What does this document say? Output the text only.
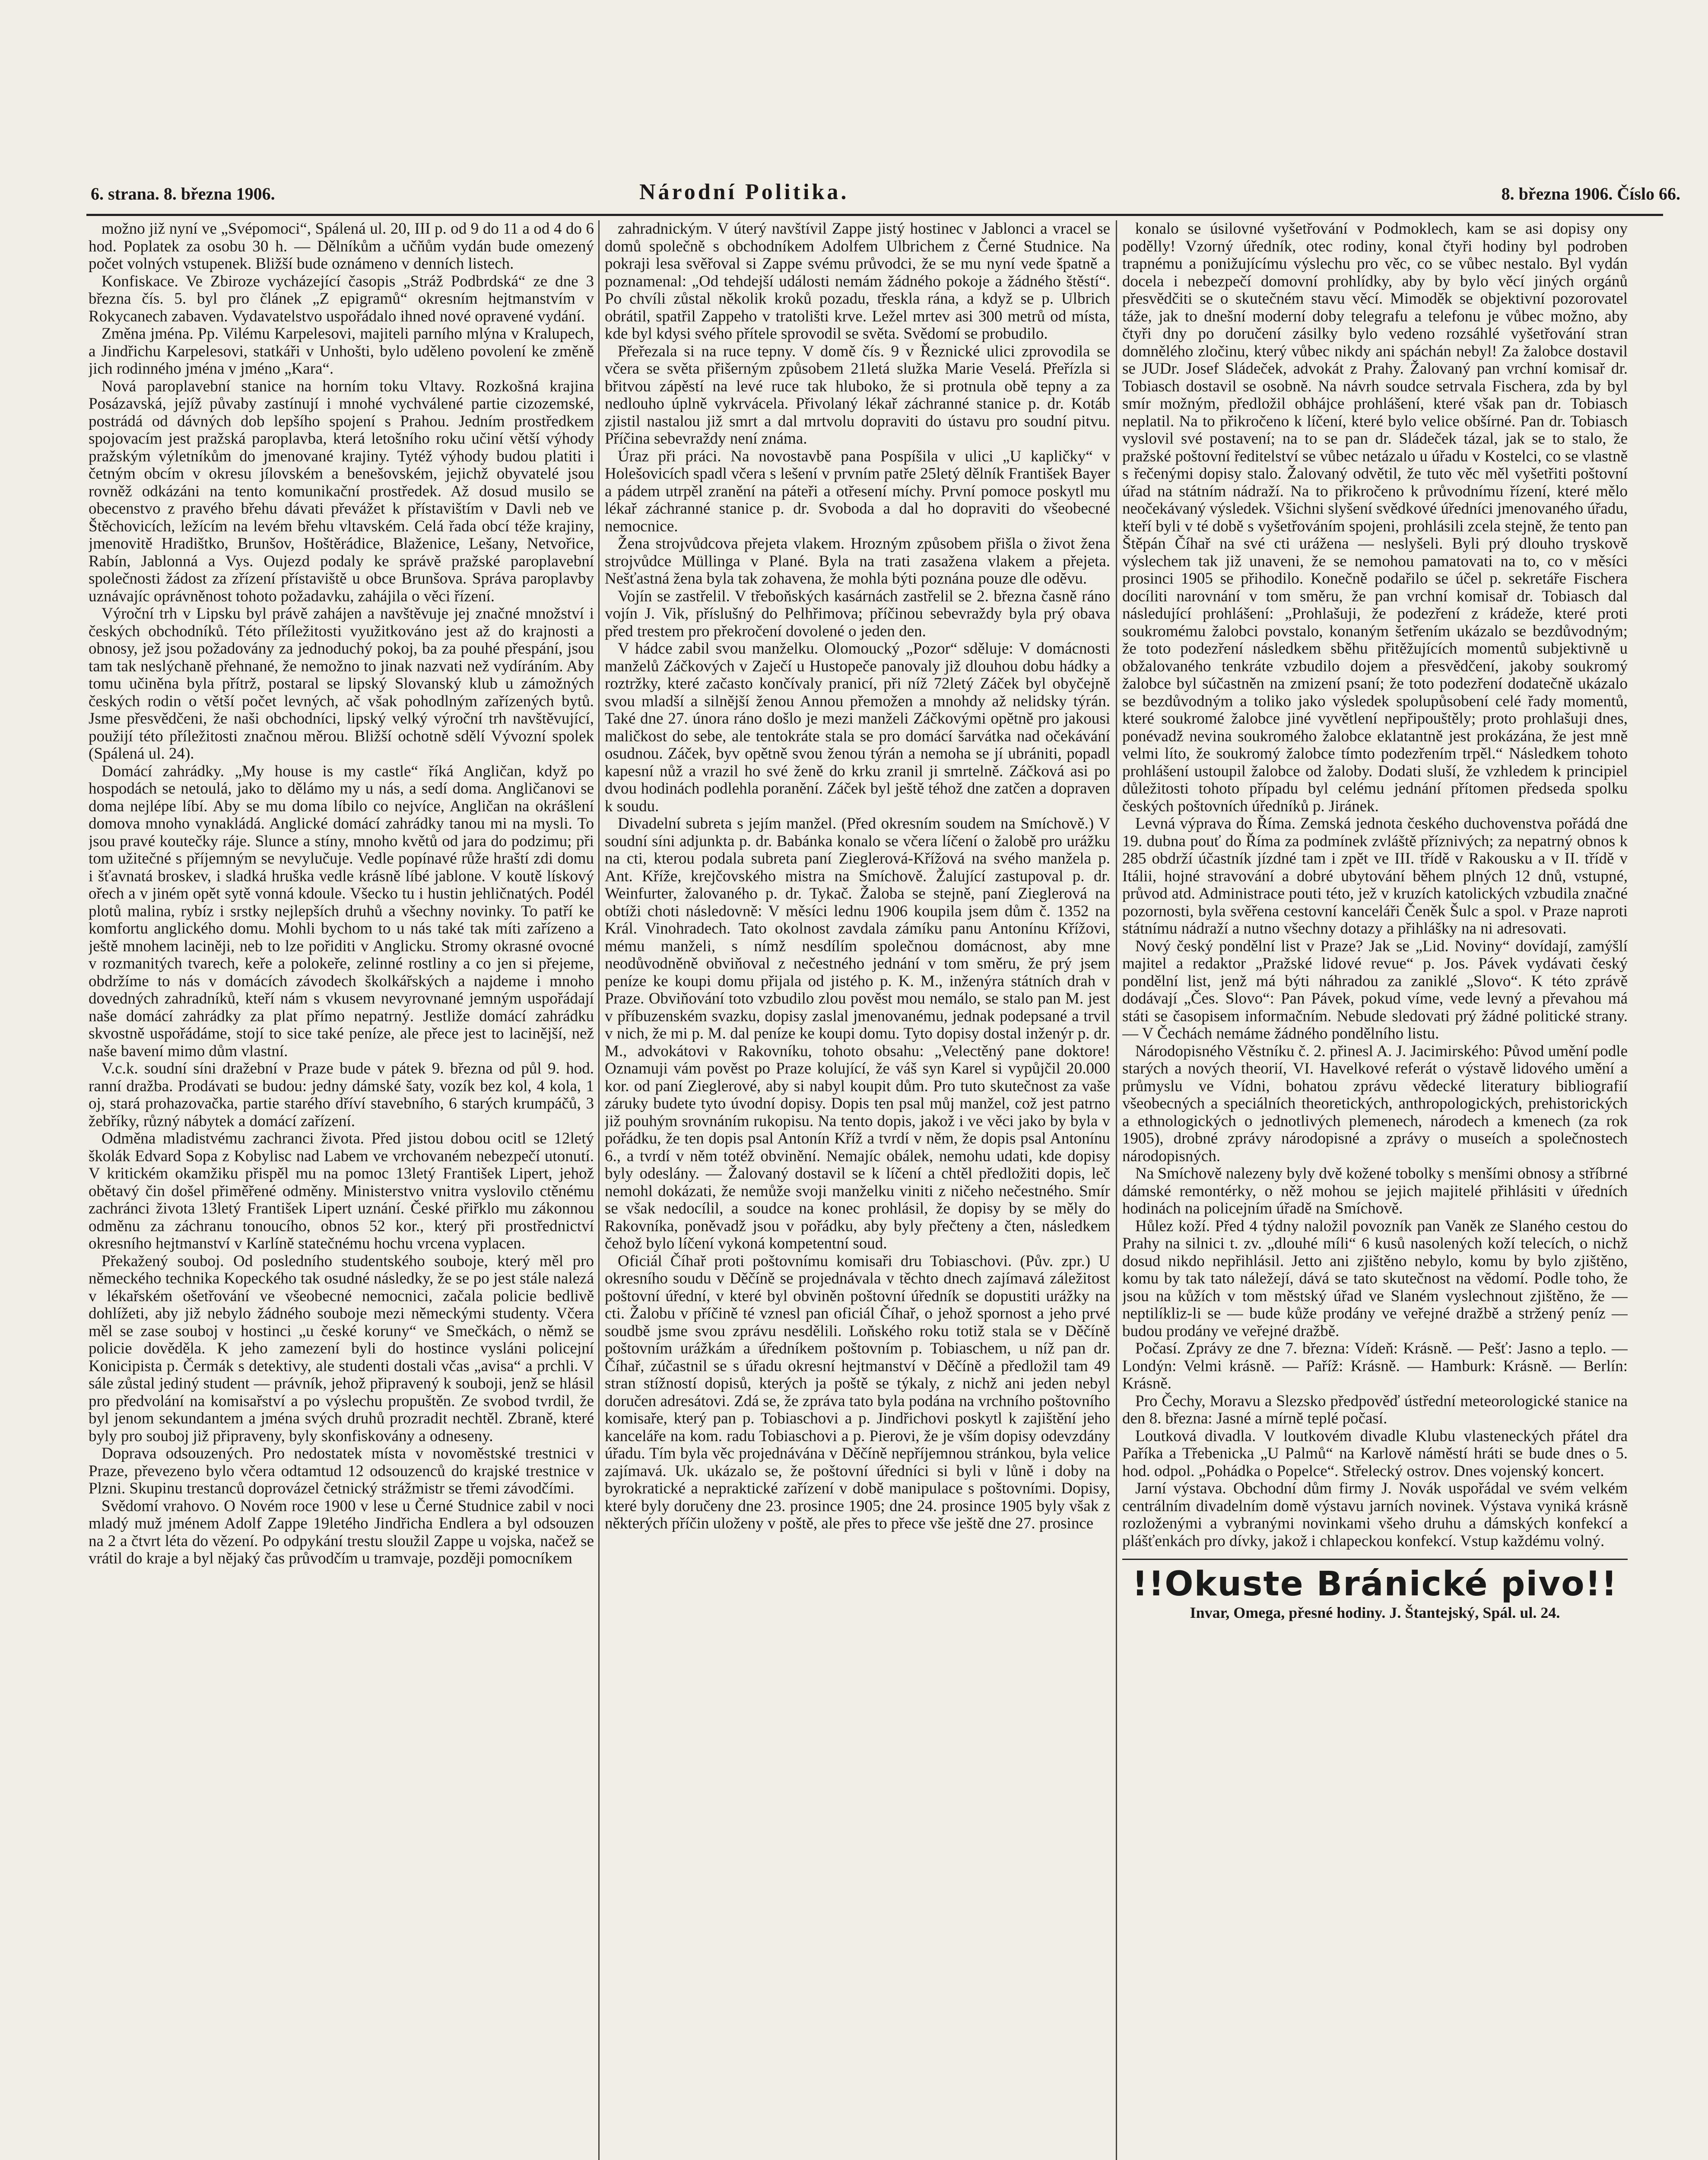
6. strana. 8. března 1906.	Národní Politika.	8. března 1906. Číslo 66.

možno již nyní ve „Svépomoci“, Spálená ul. 20, III p. od 9 do 11 a od 4 do 6 hod. Poplatek za osobu 30 h. — Dělníkům a učňům vydán bude omezený počet volných vstupenek. Bližší bude oznámeno v denních listech.

Konfiskace. Ve Zbiroze vycházející časopis „Stráž Podbrdská“ ze dne 3 března čís. 5. byl pro článek „Z epigramů“ okresním hejtmanstvím v Rokycanech zabaven. Vydavatelstvo uspořádalo ihned nové opravené vydání.

Změna jména. Pp. Vilému Karpelesovi, majiteli parního mlýna v Kralupech, a Jindřichu Karpelesovi, statkáři v Unhošti, bylo uděleno povolení ke změně jich rodinného jména v jméno „Kara“.

Nová paroplavební stanice na horním toku Vltavy. Rozkošná krajina Posázavská, jejíž půvaby zastínují i mnohé vychválené partie cizozemské, postrádá od dávných dob lepšího spojení s Prahou. Jedním prostředkem spojovacím jest pražská paroplavba, která letošního roku učiní větší výhody pražským výletníkům do jmenované krajiny. Tytéž výhody budou platiti i četným obcím v okresu jílovském a benešovském, jejichž obyvatelé jsou rovněž odkázáni na tento komunikační prostředek. Až dosud musilo se obecenstvo z pravého břehu dávati převážet k přístavištím v Davli neb ve Štěchovicích, ležícím na levém břehu vltavském. Celá řada obcí téže krajiny, jmenovitě Hradištko, Brunšov, Hoštěrádice, Blaženice, Lešany, Netvořice, Rabín, Jablonná a Vys. Oujezd podaly ke správě pražské paroplavební společnosti žádost za zřízení přístaviště u obce Brunšova. Správa paroplavby uznávajíc oprávněnost tohoto požadavku, zahájila o věci řízení.

Výroční trh v Lipsku byl právě zahájen a navštěvuje jej značné množství i českých obchodníků. Této příležitosti využitkováno jest až do krajnosti a obnosy, jež jsou požadovány za jednoduchý pokoj, ba za pouhé přespání, jsou tam tak neslýchaně přehnané, že nemožno to jinak nazvati než vydíráním. Aby tomu učiněna byla přítrž, postaral se lipský Slovanský klub u zámožných českých rodin o větší počet levných, ač však pohodlným zařízených bytů. Jsme přesvědčeni, že naši obchodníci, lipský velký výroční trh navštěvující, použijí této příležitosti značnou měrou. Bližší ochotně sdělí Vývozní spolek (Spálená ul. 24).

Domácí zahrádky. „My house is my castle“ říká Angličan, když po hospodách se netoulá, jako to dělámo my u nás, a sedí doma. Angličanovi se doma nejlépe líbí. Aby se mu doma líbilo co nejvíce, Angličan na okrášlení domova mnoho vynakládá. Anglické domácí zahrádky tanou mi na mysli. To jsou pravé koutečky ráje. Slunce a stíny, mnoho květů od jara do podzimu; při tom užitečné s příjemným se nevylučuje. Vedle popínavé růže hraští zdi domu i šťavnatá broskev, i sladká hruška vedle krásně líbé jablone. V koutě lískový ořech a v jiném opět sytě vonná kdoule. Všecko tu i hustin jehličnatých. Podél plotů malina, rybíz i srstky nejlepších druhů a všechny novinky. To patří ke komfortu anglického domu. Mohli bychom to u nás také tak míti zařízeno a ještě mnohem laciněji, neb to lze pořiditi v Anglicku. Stromy okrasné ovocné v rozmanitých tvarech, keře a polokeře, zelinné rostliny a co jen si přejeme, obdržíme to nás v domácích závodech školkářských a najdeme i mnoho dovedných zahradníků, kteří nám s vkusem nevyrovnané jemným uspořádají naše domácí zahrádky za plat přímo nepatrný. Jestliže domácí zahrádku skvostně uspořádáme, stojí to sice také peníze, ale přece jest to lacinější, než naše bavení mimo dům vlastní.

V.c.k. soudní síni dražební v Praze bude v pátek 9. března od půl 9. hod. ranní dražba. Prodávati se budou: jedny dámské šaty, vozík bez kol, 4 kola, 1 oj, stará prohazovačka, partie starého dříví stavebního, 6 starých krumpáčů, 3 žebříky, různý nábytek a domácí zařízení.

Odměna mladistvému zachranci života. Před jistou dobou ocitl se 12letý školák Edvard Sopa z Kobylisc nad Labem ve vrchovaném nebezpečí utonutí. V kritickém okamžiku přispěl mu na pomoc 13letý František Lipert, jehož obětavý čin došel přiměřené odměny. Ministerstvo vnitra vyslovilo ctěnému zachránci života 13letý František Lipert uznání. České přiřklo mu zákonnou odměnu za záchranu tonoucího, obnos 52 kor., který při prostřednictví okresního hejtmanství v Karlíně statečnému hochu vrcena vyplacen.

Překažený souboj. Od posledního studentského souboje, který měl pro německého technika Kopeckého tak osudné následky, že se po jest stále nalezá v lékařském ošetřování ve všeobecné nemocnici, začala policie bedlivě dohlížeti, aby již nebylo žádného souboje mezi německými studenty. Včera měl se zase souboj v hostinci „u české koruny“ ve Smečkách, o němž se policie dověděla. K jeho zamezení byli do hostince vysláni policejní Konicipista p. Čermák s detektivy, ale studenti dostali včas „avisa“ a prchli. V sále zůstal jediný student — právník, jehož připravený k souboji, jenž se hlásil pro předvolání na komisařství a po výslechu propuštěn. Ze svobod tvrdil, že byl jenom sekundantem a jména svých druhů prozradit nechtěl. Zbraně, které byly pro souboj již připraveny, byly skonfiskovány a odneseny.

Doprava odsouzených. Pro nedostatek místa v novoměstské trestnici v Praze, převezeno bylo včera odtamtud 12 odsouzenců do krajské trestnice v Plzni. Skupinu trestanců doprovázel četnický strážmistr se třemi závodčími.

Svědomí vrahovo. O Novém roce 1900 v lese u Černé Studnice zabil v noci mladý muž jménem Adolf Zappe 19letého Jindřicha Endlera a byl odsouzen na 2 a čtvrt léta do vězení. Po odpykání trestu sloužil Zappe u vojska, načež se vrátil do kraje a byl nějaký čas průvodčím u tramvaje, později pomocníkem

zahradnickým. V úterý navštívil Zappe jistý hostinec v Jablonci a vracel se domů společně s obchodníkem Adolfem Ulbrichem z Černé Studnice. Na pokraji lesa svěřoval si Zappe svému průvodci, že se mu nyní vede špatně a poznamenal: „Od tehdejší události nemám žádného pokoje a žádného štěstí“. Po chvíli zůstal několik kroků pozadu, třeskla rána, a když se p. Ulbrich obrátil, spatřil Zappeho v tratolišti krve. Ležel mrtev asi 300 metrů od místa, kde byl kdysi svého přítele sprovodil se světa. Svědomí se probudilo.

Přeřezala si na ruce tepny. V domě čís. 9 v Řeznické ulici zprovodila se včera se světa přišerným způsobem 21letá služka Marie Veselá. Přeřízla si břitvou zápěstí na levé ruce tak hluboko, že si protnula obě tepny a za nedlouho úplně vykrvácela. Přivolaný lékař záchranné stanice p. dr. Kotáb zjistil nastalou již smrt a dal mrtvolu dopraviti do ústavu pro soudní pitvu. Příčina sebevraždy není známa.

Úraz při práci. Na novostavbě pana Pospíšila v ulici „U kapličky“ v Holešovicích spadl včera s lešení v prvním patře 25letý dělník František Bayer a pádem utrpěl zranění na páteři a otřesení míchy. První pomoce poskytl mu lékař záchranné stanice p. dr. Svoboda a dal ho dopraviti do všeobecné nemocnice.

Žena strojvůdcova přejeta vlakem. Hrozným způsobem přišla o život žena strojvůdce Müllinga v Plané. Byla na trati zasažena vlakem a přejeta. Nešťastná žena byla tak zohavena, že mohla býti poznána pouze dle oděvu.

Vojín se zastřelil. V třeboňských kasárnách zastřelil se 2. března časně ráno vojín J. Vik, příslušný do Pelhřimova; příčinou sebevraždy byla prý obava před trestem pro překročení dovolené o jeden den.

V hádce zabil svou manželku. Olomoucký „Pozor“ sděluje: V domácnosti manželů Záčkových v Zaječí u Hustopeče panovaly již dlouhou dobu hádky a roztržky, které začasto končívaly pranicí, při níž 72letý Záček byl obyčejně svou mladší a silnější ženou Annou přemožen a mnohdy až nelidsky týrán. Také dne 27. února ráno došlo je mezi manželi Záčkovými opětně pro jakousi maličkost do sebe, ale tentokráte stala se pro domácí šarvátka nad očekávání osudnou. Záček, byv opětně svou ženou týrán a nemoha se jí ubrániti, popadl kapesní nůž a vrazil ho své ženě do krku zranil ji smrtelně. Záčková asi po dvou hodinách podlehla poranění. Záček byl ještě téhož dne zatčen a dopraven k soudu.

Divadelní subreta s jejím manžel. (Před okresním soudem na Smíchově.) V soudní síni adjunkta p. dr. Babánka konalo se včera líčení o žalobě pro urážku na cti, kterou podala subreta paní Zieglerová-Křížová na svého manžela p. Ant. Kříže, krejčovského mistra na Smíchově. Žalující zastupoval p. dr. Weinfurter, žalovaného p. dr. Tykač. Žaloba se stejně, paní Zieglerová na obtíži choti následovně: V měsíci lednu 1906 koupila jsem dům č. 1352 na Král. Vinohradech. Tato okolnost zavdala zámíku panu Antonínu Křížovi, mému manželi, s nímž nesdílím společnou domácnost, aby mne neodůvodněně obviňoval z nečestného jednání v tom směru, že prý jsem peníze ke koupi domu přijala od jistého p. K. M., inženýra státních drah v Praze. Obviňování toto vzbudilo zlou pověst mou nemálo, se stalo pan M. jest v příbuzenském svazku, dopisy zaslal jmenovanému, jednak podepsané a trvil v nich, že mi p. M. dal peníze ke koupi domu. Tyto dopisy dostal inženýr p. dr. M., advokátovi v Rakovníku, tohoto obsahu: „Velectěný pane doktore! Oznamuji vám pověst po Praze kolující, že váš syn Karel si vypůjčil 20.000 kor. od paní Zieglerové, aby si nabyl koupit dům. Pro tuto skutečnost za vaše záruky budete tyto úvodní dopisy. Dopis ten psal můj manžel, což jest patrno již pouhým srovnáním rukopisu. Na tento dopis, jakož i ve věci jako by byla v pořádku, že ten dopis psal Antonín Kříž a tvrdí v něm, že dopis psal Antonínu 6., a tvrdí v něm totéž obvinění. Nemajíc obálek, nemohu udati, kde dopisy byly odeslány. — Žalovaný dostavil se k líčení a chtěl předložiti dopis, leč nemohl dokázati, že nemůže svoji manželku viniti z ničeho nečestného. Smír se však nedocílil, a soudce na konec prohlásil, že dopisy by se měly do Rakovníka, poněvadž jsou v pořádku, aby byly přečteny a čten, následkem čehož bylo líčení vykoná kompetentní soud.

Oficiál Číhař proti poštovnímu komisaři dru Tobiaschovi. (Pův. zpr.) U okresního soudu v Děčíně se projednávala v těchto dnech zajímavá záležitost poštovní úřední, v které byl obviněn poštovní úředník se dopustiti urážky na cti. Žalobu v příčině té vznesl pan oficiál Číhař, o jehož spornost a jeho prvé soudbě jsme svou zprávu nesdělili. Loňského roku totiž stala se v Děčíně poštovním urážkám a úředníkem poštovním p. Tobiaschem, u níž pan dr. Číhař, zúčastnil se s úřadu okresní hejtmanství v Děčíně a předložil tam 49 stran stížností dopisů, kterých ja poště se týkaly, z nichž ani jeden nebyl doručen adresátovi. Zdá se, že zpráva tato byla podána na vrchního poštovního komisaře, který pan p. Tobiaschovi a p. Jindřichovi poskytl k zajištění jeho kanceláře na kom. radu Tobiaschovi a p. Pierovi, že je vším dopisy odevzdány úřadu. Tím byla věc projednávána v Děčíně nepříjemnou stránkou, byla velice zajímavá. Uk. ukázalo se, že poštovní úředníci si byli v lůně i doby na byrokratické a nepraktické zařízení v době manipulace s poštovními. Dopisy, které byly doručeny dne 23. prosince 1905; dne 24. prosince 1905 byly však z některých příčin uloženy v poště, ale přes to přece vše ještě dne 27. prosince

konalo se úsilovné vyšetřování v Podmoklech, kam se asi dopisy ony podělly! Vzorný úředník, otec rodiny, konal čtyři hodiny byl podroben trapnému a ponižujícímu výslechu pro věc, co se vůbec nestalo. Byl vydán docela i nebezpečí domovní prohlídky, aby by bylo věcí jiných orgánů přesvědčiti se o skutečném stavu věcí. Mimoděk se objektivní pozorovatel táže, jak to dnešní moderní doby telegrafu a telefonu je vůbec možno, aby čtyři dny po doručení zásilky bylo vedeno rozsáhlé vyšetřování stran domnělého zločinu, který vůbec nikdy ani spáchán nebyl! Za žalobce dostavil se JUDr. Josef Sládeček, advokát z Prahy. Žalovaný pan vrchní komisař dr. Tobiasch dostavil se osobně. Na návrh soudce setrvala Fischera, zda by byl smír možným, předložil obhájce prohlášení, které však pan dr. Tobiasch neplatil. Na to přikročeno k líčení, které bylo velice obšírné. Pan dr. Tobiasch vyslovil své postavení; na to se pan dr. Sládeček tázal, jak se to stalo, že pražské poštovní ředitelství se vůbec netázalo u úřadu v Kostelci, co se vlastně s řečenými dopisy stalo. Žalovaný odvětil, že tuto věc měl vyšetřiti poštovní úřad na státním nádraží. Na to přikročeno k průvodnímu řízení, které mělo neočekávaný výsledek. Všichni slyšení svědkové úředníci jmenovaného úřadu, kteří byli v té době s vyšetřováním spojeni, prohlásili zcela stejně, že tento pan Štěpán Číhař na své cti urážena — neslyšeli. Byli prý dlouho tryskově výslechem tak již unaveni, že se nemohou pamatovati na to, co v měsíci prosinci 1905 se přihodilo. Konečně podařilo se účel p. sekretáře Fischera docíliti narovnání v tom směru, že pan vrchní komisař dr. Tobiasch dal následující prohlášení: „Prohlašuji, že podezření z krádeže, které proti soukromému žalobci povstalo, konaným šetřením ukázalo se bezdůvodným; že toto podezření následkem sběhu přitěžujících momentů subjektivně u obžalovaného tenkráte vzbudilo dojem a přesvědčení, jakoby soukromý žalobce byl súčastněn na zmizení psaní; že toto podezření dodatečně ukázalo se bezdůvodným a toliko jako výsledek spolupůsobení celé řady momentů, které soukromé žalobce jiné vyvětlení nepřipouštěly; proto prohlašuji dnes, ponévadž nevina soukromého žalobce eklatantně jest prokázána, že jest mně velmi líto, že soukromý žalobce tímto podezřením trpěl.“ Následkem tohoto prohlášení ustoupil žalobce od žaloby. Dodati sluší, že vzhledem k principiel důležitosti tohoto případu byl celému jednání přítomen předseda spolku českých poštovních úředníků p. Jiránek.

Levná výprava do Říma. Zemská jednota českého duchovenstva pořádá dne 19. dubna pouť do Říma za podmínek zvláště příznivých; za nepatrný obnos k 285 obdrží účastník jízdné tam i zpět ve III. třídě v Rakousku a v II. třídě v Itálii, hojné stravování a dobré ubytování během plných 12 dnů, vstupné, průvod atd. Administrace pouti této, jež v kruzích katolických vzbudila značné pozornosti, byla svěřena cestovní kanceláři Čeněk Šulc a spol. v Praze naproti státnímu nádraží a nutno všechny dotazy a přihlášky na ni adresovati.

Nový český pondělní list v Praze? Jak se „Lid. Noviny“ dovídají, zamýšlí majitel a redaktor „Pražské lidové revue“ p. Jos. Pávek vydávati český pondělní list, jenž má býti náhradou za zaniklé „Slovo“. K této zprávě dodávají „Čes. Slovo“: Pan Pávek, pokud víme, vede levný a převahou má státi se časopisem informačním. Nebude sledovati prý žádné politické strany. — V Čechách nemáme žádného pondělního listu.

Národopisného Věstníku č. 2. přinesl A. J. Jacimirského: Původ umění podle starých a nových theorií, VI. Havelkové referát o výstavě lidového umění a průmyslu ve Vídni, bohatou zprávu vědecké literatury bibliografií všeobecných a speciálních theoretických, anthropologických, prehistorických a ethnologických o jednotlivých plemenech, národech a kmenech (za rok 1905), drobné zprávy národopisné a zprávy o museích a společnostech národopisných.

Na Smíchově nalezeny byly dvě kožené tobolky s menšími obnosy a stříbrné dámské remontérky, o něž mohou se jejich majitelé přihlásiti v úředních hodinách na policejním úřadě na Smíchově.

Hůlez koží. Před 4 týdny naložil povozník pan Vaněk ze Slaného cestou do Prahy na silnici t. zv. „dlouhé míli“ 6 kusů nasolených koží telecích, o nichž dosud nikdo nepřihlásil. Jetto ani zjištěno nebylo, komu by bylo zjištěno, komu by tak tato náležejí, dává se tato skutečnost na vědomí. Podle toho, že jsou na kůžích v tom městský úřad ve Slaném vyslechnout zjištěno, že — neptilíkliz-li se — bude kůže prodány ve veřejné dražbě a stržený peníz — budou prodány ve veřejné dražbě.

Počasí. Zprávy ze dne 7. března: Vídeň: Krásně. — Pešť: Jasno a teplo. — Londýn: Velmi krásně. — Paříž: Krásně. — Hamburk: Krásně. — Berlín: Krásně.

Pro Čechy, Moravu a Slezsko předpověď ústřední meteorologické stanice na den 8. března: Jasné a mírně teplé počasí.

Loutková divadla. V loutkovém divadle Klubu vlasteneckých přátel dra Paříka a Třebenicka „U Palmů“ na Karlově náměstí hráti se bude dnes o 5. hod. odpol. „Pohádka o Popelce“. Střelecký ostrov. Dnes vojenský koncert.

Jarní výstava. Obchodní dům firmy J. Novák uspořádal ve svém velkém centrálním divadelním domě výstavu jarních novinek. Výstava vyniká krásně rozloženými a vybranými novinkami všeho druhu a dámských konfekcí a plášťenkách pro dívky, jakož i chlapeckou konfekcí. Vstup každému volný.

!!Okuste Bránické pivo!!
Invar, Omega, přesné hodiny. J. Štantejský, Spál. ul. 24.
